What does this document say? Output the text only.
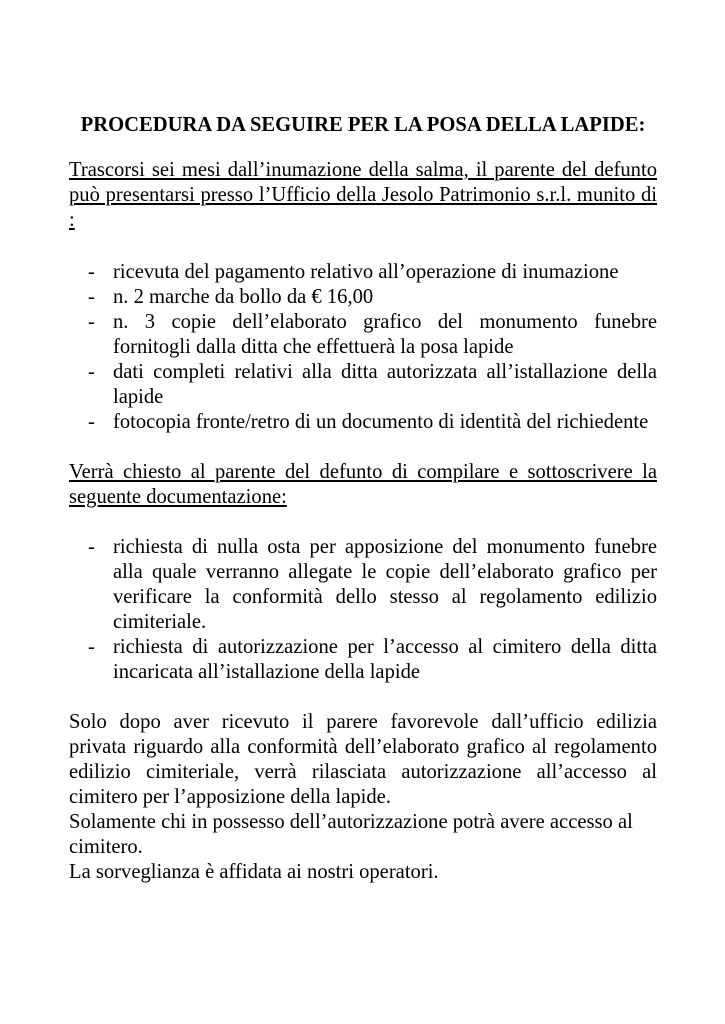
PROCEDURA DA SEGUIRE PER LA POSA DELLA LAPIDE:

Trascorsi sei mesi dall’inumazione della salma, il parente del defunto può presentarsi presso l’Ufficio della Jesolo Patrimonio s.r.l. munito di :

- ricevuta del pagamento relativo all’operazione di inumazione
- n. 2 marche da bollo da € 16,00
- n. 3 copie dell’elaborato grafico del monumento funebre fornitogli dalla ditta che effettuerà la posa lapide
- dati completi relativi alla ditta autorizzata all’istallazione della lapide
- fotocopia fronte/retro di un documento di identità del richiedente

Verrà chiesto al parente del defunto di compilare e sottoscrivere la seguente documentazione:

- richiesta di nulla osta per apposizione del monumento funebre alla quale verranno allegate le copie dell’elaborato grafico per verificare la conformità dello stesso al regolamento edilizio cimiteriale.
- richiesta di autorizzazione per l’accesso al cimitero della ditta incaricata all’istallazione della lapide

Solo dopo aver ricevuto il parere favorevole dall’ufficio edilizia privata riguardo alla conformità dell’elaborato grafico al regolamento edilizio cimiteriale, verrà rilasciata autorizzazione all’accesso al cimitero per l’apposizione della lapide.

Solamente chi in possesso dell’autorizzazione potrà avere accesso al cimitero.

La sorveglianza è affidata ai nostri operatori.
